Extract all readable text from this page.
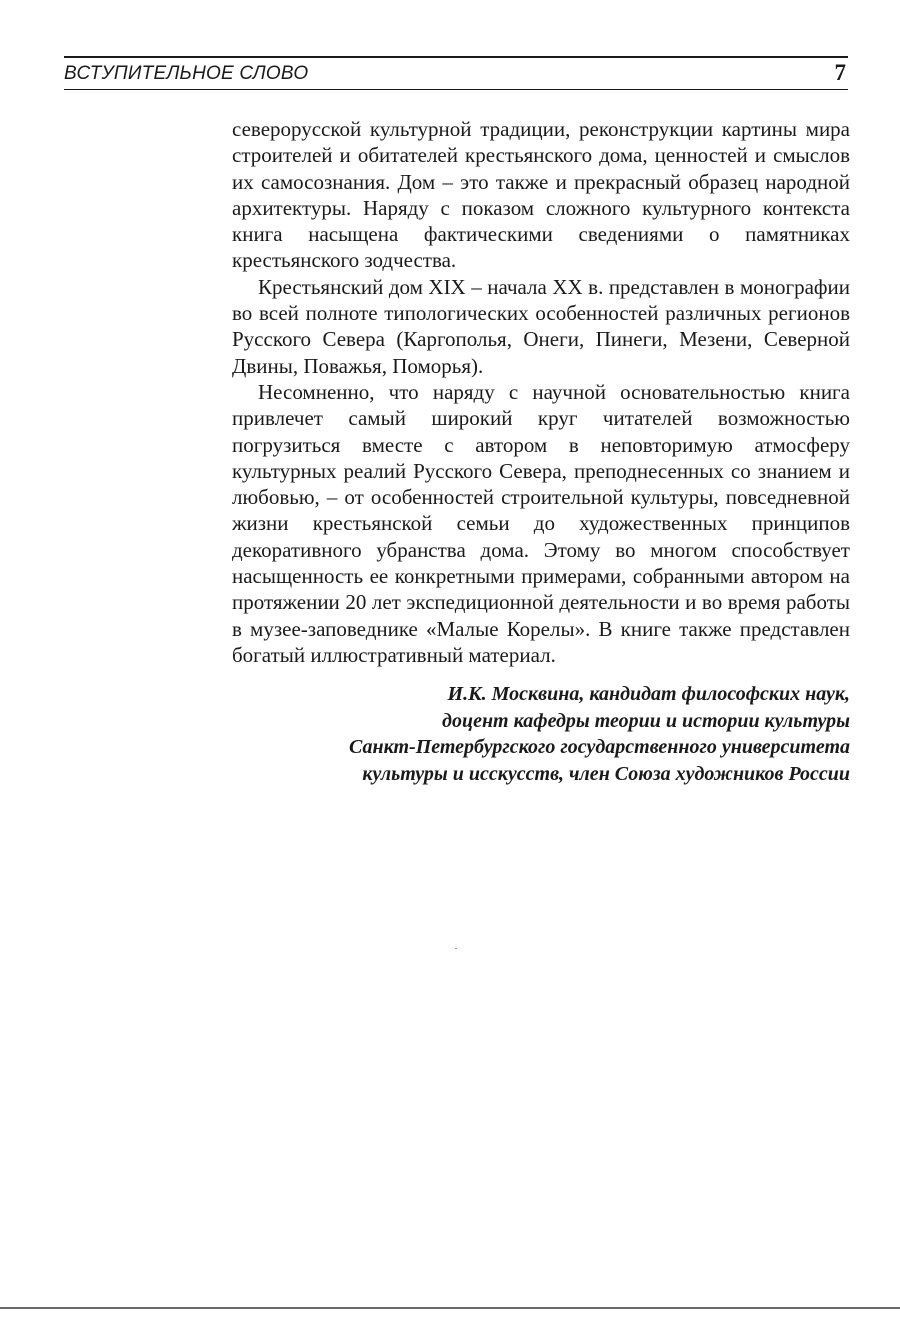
ВСТУПИТЕЛЬНОЕ СЛОВО	7

северорусской культурной традиции, реконструкции картины мира строителей и обитателей крестьянского дома, ценностей и смыслов их самосознания. Дом – это также и прекрасный образец народной архитектуры. Наряду с показом сложного культурного контекста книга насыщена фактическими сведениями о памятниках крестьянского зодчества.

Крестьянский дом XIX – начала XX в. представлен в монографии во всей полноте типологических особенностей различных регионов Русского Севера (Каргополья, Онеги, Пинеги, Мезени, Северной Двины, Поважья, Поморья).

Несомненно, что наряду с научной основательностью книга привлечет самый широкий круг читателей возможностью погрузиться вместе с автором в неповторимую атмосферу культурных реалий Русского Севера, преподнесенных со знанием и любовью, – от особенностей строительной культуры, повседневной жизни крестьянской семьи до художественных принципов декоративного убранства дома. Этому во многом способствует насыщенность ее конкретными примерами, собранными автором на протяжении 20 лет экспедиционной деятельности и во время работы в музее-заповеднике «Малые Корелы». В книге также представлен богатый иллюстративный материал.

И.К. Москвина, кандидат философских наук,
доцент кафедры теории и истории культуры
Санкт-Петербургского государственного университета
культуры и исскусств, член Союза художников России
